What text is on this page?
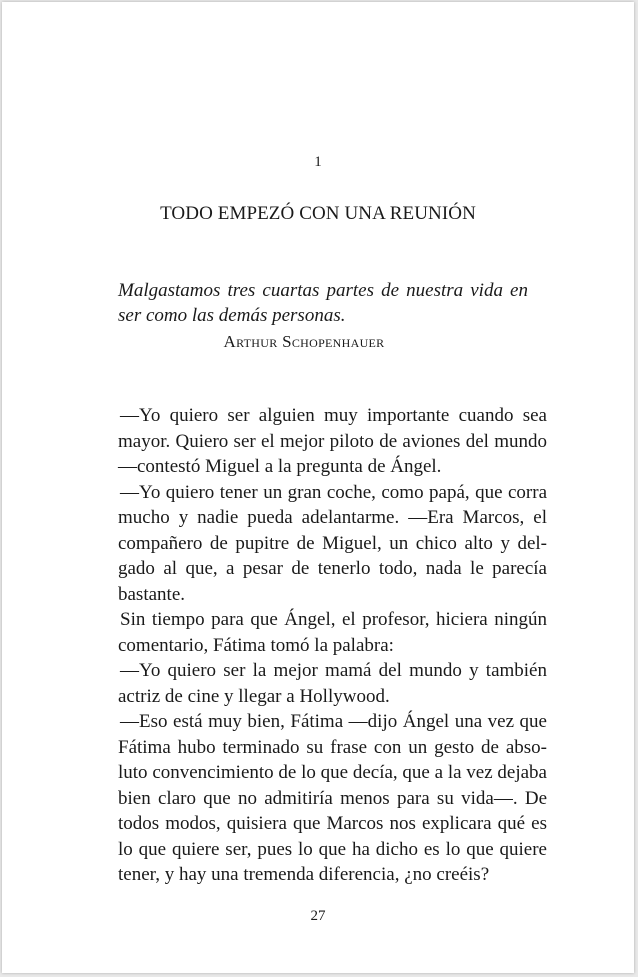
1
TODO EMPEZÓ CON UNA REUNIÓN
Malgastamos tres cuartas partes de nuestra vida en ser como las demás personas.
Arthur Schopenhauer

—Yo quiero ser alguien muy importante cuando sea mayor. Quiero ser el mejor piloto de aviones del mundo —contestó Miguel a la pregunta de Ángel.

—Yo quiero tener un gran coche, como papá, que corra mucho y nadie pueda adelantarme. —Era Marcos, el compañero de pupitre de Miguel, un chico alto y delgado al que, a pesar de tenerlo todo, nada le parecía bastante.

Sin tiempo para que Ángel, el profesor, hiciera ningún comentario, Fátima tomó la palabra:

—Yo quiero ser la mejor mamá del mundo y también actriz de cine y llegar a Hollywood.

—Eso está muy bien, Fátima —dijo Ángel una vez que Fátima hubo terminado su frase con un gesto de absoluto convencimiento de lo que decía, que a la vez dejaba bien claro que no admitiría menos para su vida—. De todos modos, quisiera que Marcos nos explicara qué es lo que quiere ser, pues lo que ha dicho es lo que quiere tener, y hay una tremenda diferencia, ¿no creéis?

27
